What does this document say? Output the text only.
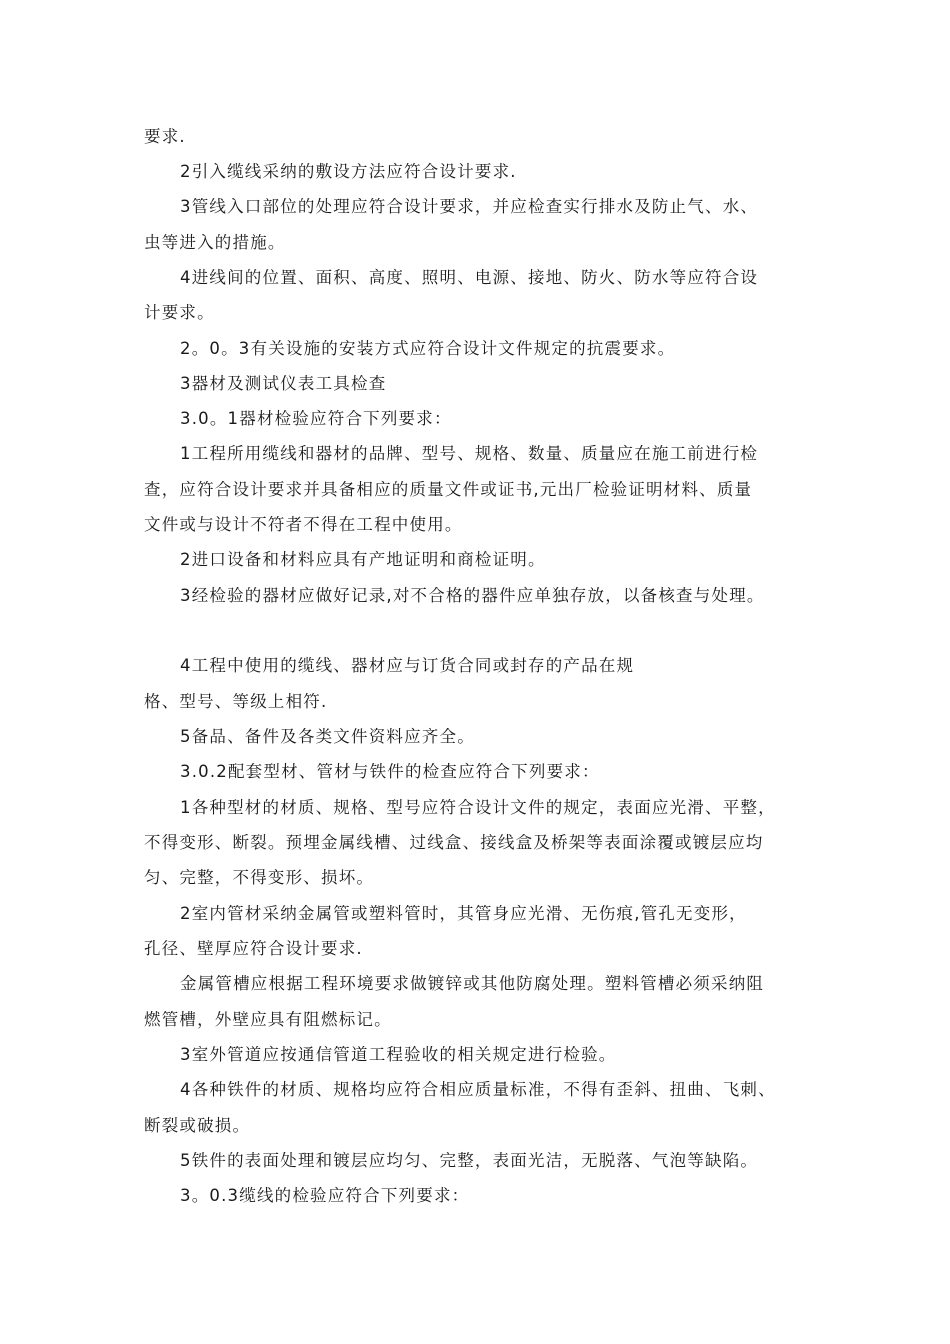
要求.
2引入缆线采纳的敷设方法应符合设计要求.
3管线入口部位的处理应符合设计要求，并应检查实行排水及防止气、水、
虫等进入的措施。
4进线间的位置、面积、高度、照明、电源、接地、防火、防水等应符合设
计要求。
2。0。3有关设施的安装方式应符合设计文件规定的抗震要求。
3器材及测试仪表工具检查
3.0。1器材检验应符合下列要求：
1工程所用缆线和器材的品牌、型号、规格、数量、质量应在施工前进行检
查，应符合设计要求并具备相应的质量文件或证书,元出厂检验证明材料、质量
文件或与设计不符者不得在工程中使用。
2进口设备和材料应具有产地证明和商检证明。
3经检验的器材应做好记录,对不合格的器件应单独存放，以备核查与处理。
4工程中使用的缆线、器材应与订货合同或封存的产品在规
格、型号、等级上相符.
5备品、备件及各类文件资料应齐全。
3.0.2配套型材、管材与铁件的检查应符合下列要求：
1各种型材的材质、规格、型号应符合设计文件的规定，表面应光滑、平整，
不得变形、断裂。预埋金属线槽、过线盒、接线盒及桥架等表面涂覆或镀层应均
匀、完整，不得变形、损坏。
2室内管材采纳金属管或塑料管时，其管身应光滑、无伤痕,管孔无变形，
孔径、壁厚应符合设计要求.
金属管槽应根据工程环境要求做镀锌或其他防腐处理。塑料管槽必须采纳阻
燃管槽，外壁应具有阻燃标记。
3室外管道应按通信管道工程验收的相关规定进行检验。
4各种铁件的材质、规格均应符合相应质量标准，不得有歪斜、扭曲、飞刺、
断裂或破损。
5铁件的表面处理和镀层应均匀、完整，表面光洁，无脱落、气泡等缺陷。
3。0.3缆线的检验应符合下列要求：
